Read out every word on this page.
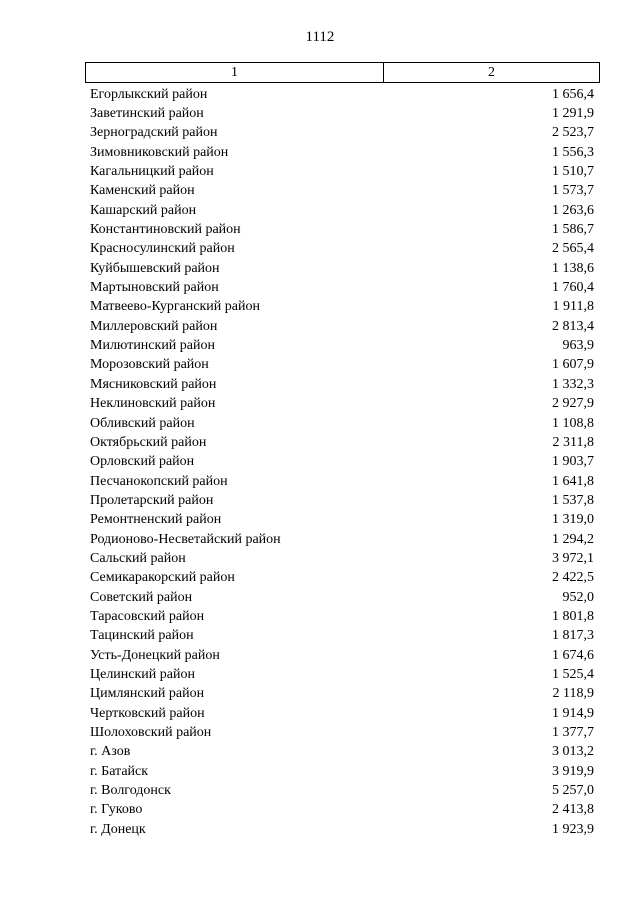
1112
1	2
Егорлыкский район	1 656,4
Заветинский район	1 291,9
Зерноградский район	2 523,7
Зимовниковский район	1 556,3
Кагальницкий район	1 510,7
Каменский район	1 573,7
Кашарский район	1 263,6
Константиновский район	1 586,7
Красносулинский район	2 565,4
Куйбышевский район	1 138,6
Мартыновский район	1 760,4
Матвеево-Курганский район	1 911,8
Миллеровский район	2 813,4
Милютинский район	963,9
Морозовский район	1 607,9
Мясниковский район	1 332,3
Неклиновский район	2 927,9
Обливский район	1 108,8
Октябрьский район	2 311,8
Орловский район	1 903,7
Песчанокопский район	1 641,8
Пролетарский район	1 537,8
Ремонтненский район	1 319,0
Родионово-Несветайский район	1 294,2
Сальский район	3 972,1
Семикаракорский район	2 422,5
Советский район	952,0
Тарасовский район	1 801,8
Тацинский район	1 817,3
Усть-Донецкий район	1 674,6
Целинский район	1 525,4
Цимлянский район	2 118,9
Чертковский район	1 914,9
Шолоховский район	1 377,7
г. Азов	3 013,2
г. Батайск	3 919,9
г. Волгодонск	5 257,0
г. Гуково	2 413,8
г. Донецк	1 923,9
